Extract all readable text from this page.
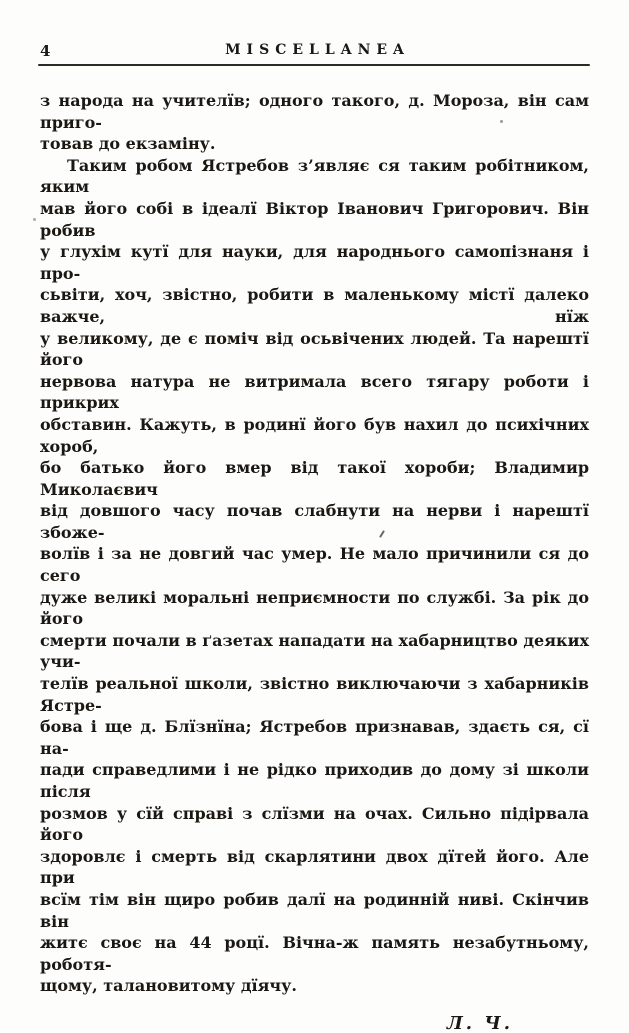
4	MISCELLANEA
з народа на учителїв; одного такого, д. Мороза, він сам приго-
товав до екзаміну.
Таким робом Ястребов з’являє ся таким робітником, яким
мав його собі в ідеалї Віктор Іванович Григорович. Він робив
у глухім кутї для науки, для народнього самопізнаня і про-
сьвіти, хоч, звістно, робити в маленькому містї далеко важче, нїж
у великому, де є поміч від осьвічених людей. Та нарештї його
нервова натура не витримала всего тягару роботи і прикрих
обставин. Кажуть, в родинї його був нахил до психічних хороб,
бо батько його вмер від такої хороби; Владимир Миколаєвич
від довшого часу почав слабнути на нерви і нарештї збоже-
волїв і за не довгий час умер. Не мало причинили ся до сего
дуже великі моральні неприємности по службі. За рік до його
смерти почали в ґазетах нападати на хабарництво деяких учи-
телїв реальної школи, звістно виключаючи з хабарників Ястре-
бова і ще д. Блїзнїна; Ястребов признавав, здаєть ся, сї на-
пади справедлими і не рідко приходив до дому зі школи після
розмов у сїй справі з слїзми на очах. Сильно підірвала його
здоровлє і смерть від скарлятини двох дїтей його. Але при
всїм тім він щиро робив далї на родинній ниві. Скінчив він
житє своє на 44 роцї. Вічна-ж память незабутньому, роботя-
щому, талановитому дїячу.
Л. Ч.
